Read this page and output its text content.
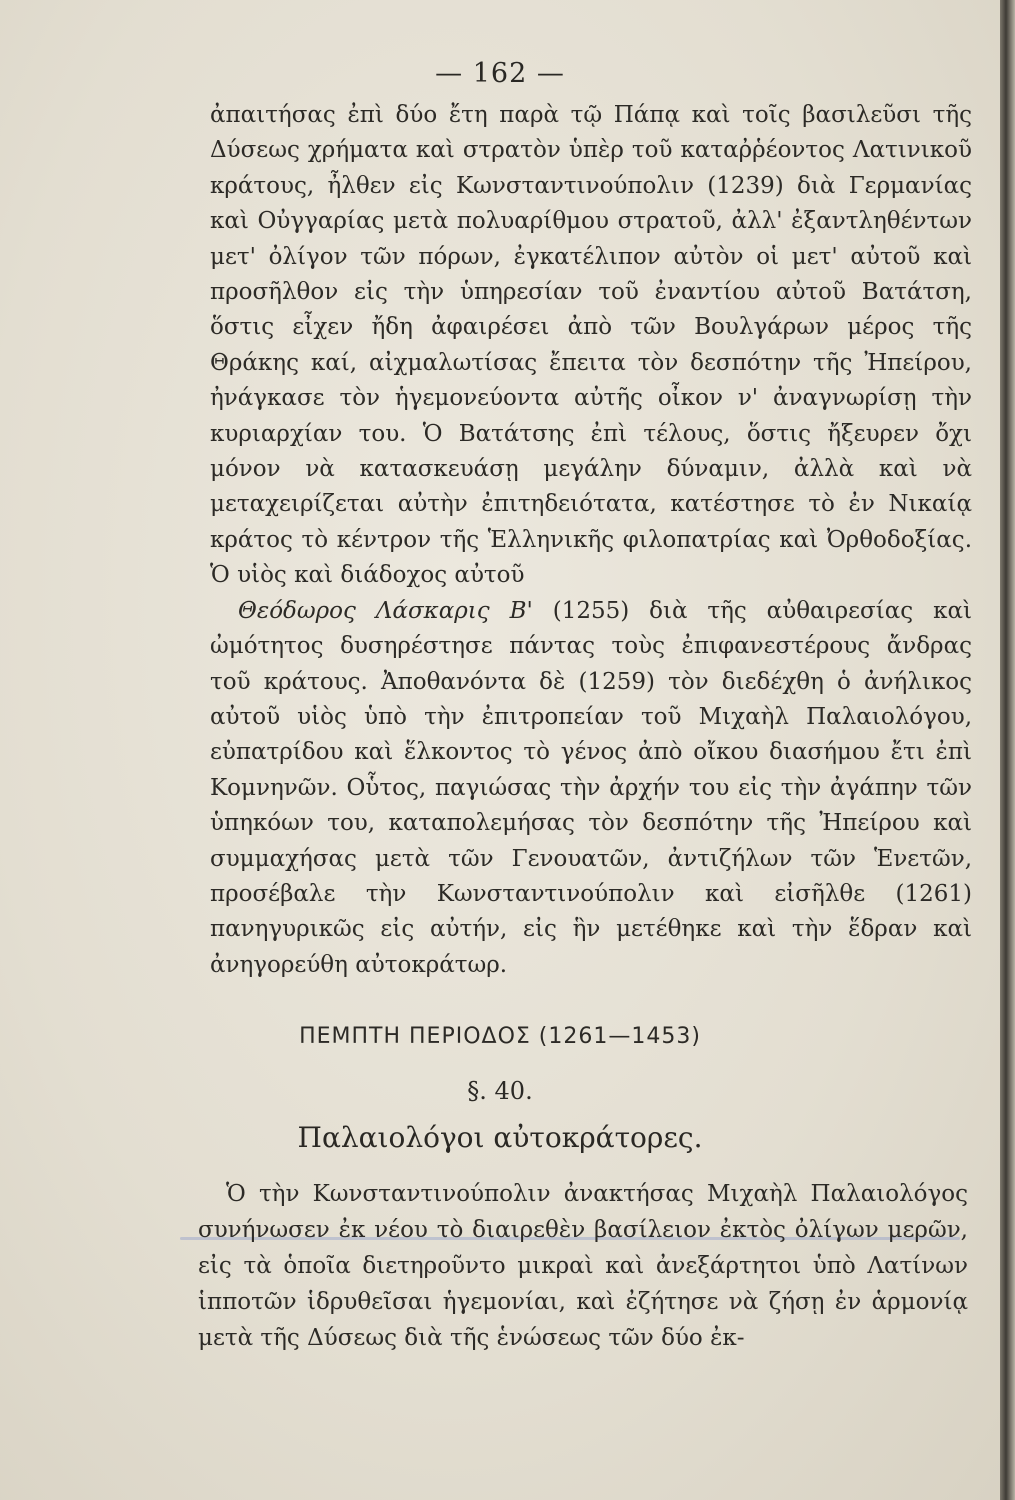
— 162 —

ἀπαιτήσας ἐπὶ δύο ἔτη παρὰ τῷ Πάπᾳ καὶ τοῖς βασιλεῦσι τῆς Δύσεως χρήματα καὶ στρατὸν ὑπὲρ τοῦ καταῤῥέοντος Λατινικοῦ κράτους, ἦλθεν εἰς Κωνσταντινούπολιν (1239) διὰ Γερμανίας καὶ Οὐγγαρίας μετὰ πολυαρίθμου στρατοῦ, ἀλλ' ἐξαντληθέντων μετ' ὀλίγον τῶν πόρων, ἐγκατέλιπον αὐτὸν οἱ μετ' αὐτοῦ καὶ προσῆλθον εἰς τὴν ὑπηρεσίαν τοῦ ἐναντίου αὐτοῦ Βατάτση, ὅστις εἶχεν ἤδη ἀφαιρέσει ἀπὸ τῶν Βουλγάρων μέρος τῆς Θράκης καί, αἰχμαλωτίσας ἔπειτα τὸν δεσπότην τῆς Ἠπείρου, ἠνάγκασε τὸν ἡγεμονεύοντα αὐτῆς οἶκον ν' ἀναγνωρίσῃ τὴν κυριαρχίαν του. Ὁ Βατάτσης ἐπὶ τέλους, ὅστις ἤξευρεν ὄχι μόνον νὰ κατασκευάσῃ μεγάλην δύναμιν, ἀλλὰ καὶ νὰ μεταχειρίζεται αὐτὴν ἐπιτηδειότατα, κατέστησε τὸ ἐν Νικαίᾳ κράτος τὸ κέντρον τῆς Ἑλληνικῆς φιλοπατρίας καὶ Ὀρθοδοξίας. Ὁ υἱὸς καὶ διάδοχος αὐτοῦ

Θεόδωρος Λάσκαρις Β' (1255) διὰ τῆς αὐθαιρεσίας καὶ ὠμότητος δυσηρέστησε πάντας τοὺς ἐπιφανεστέρους ἄνδρας τοῦ κράτους. Ἀποθανόντα δὲ (1259) τὸν διεδέχθη ὁ ἀνήλικος αὐτοῦ υἱὸς ὑπὸ τὴν ἐπιτροπείαν τοῦ Μιχαὴλ Παλαιολόγου, εὐπατρίδου καὶ ἕλκοντος τὸ γένος ἀπὸ οἴκου διασήμου ἔτι ἐπὶ Κομνηνῶν. Οὗτος, παγιώσας τὴν ἀρχήν του εἰς τὴν ἀγάπην τῶν ὑπηκόων του, καταπολεμήσας τὸν δεσπότην τῆς Ἠπείρου καὶ συμμαχήσας μετὰ τῶν Γενουατῶν, ἀντιζήλων τῶν Ἑνετῶν, προσέβαλε τὴν Κωνσταντινούπολιν καὶ εἰσῆλθε (1261) πανηγυρικῶς εἰς αὐτήν, εἰς ἣν μετέθηκε καὶ τὴν ἕδραν καὶ ἀνηγορεύθη αὐτοκράτωρ.

ΠΕΜΠΤΗ ΠΕΡΙΟΔΟΣ (1261—1453)
§. 40.
Παλαιολόγοι αὐτοκράτορες.

Ὁ τὴν Κωνσταντινούπολιν ἀνακτήσας Μιχαὴλ Παλαιολόγος συνήνωσεν ἐκ νέου τὸ διαιρεθὲν βασίλειον ἐκτὸς ὀλίγων μερῶν, εἰς τὰ ὁποῖα διετηροῦντο μικραὶ καὶ ἀνεξάρτητοι ὑπὸ Λατίνων ἱπποτῶν ἱδρυθεῖσαι ἡγεμονίαι, καὶ ἐζήτησε νὰ ζήσῃ ἐν ἁρμονίᾳ μετὰ τῆς Δύσεως διὰ τῆς ἑνώσεως τῶν δύο ἐκ-
